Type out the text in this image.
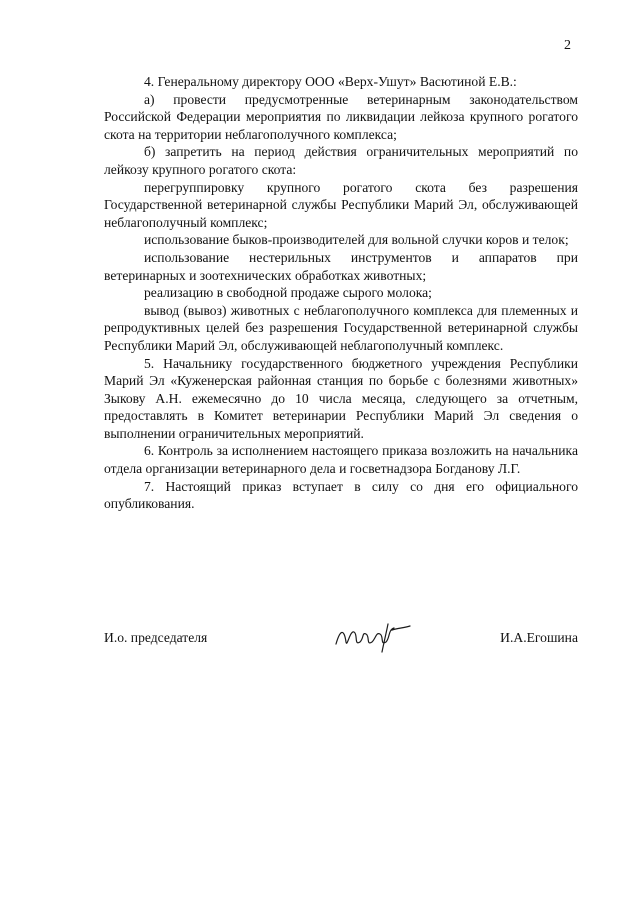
2

4. Генеральному директору ООО «Верх-Ушут» Васютиной Е.В.:

а) провести предусмотренные ветеринарным законодательством Российской Федерации мероприятия по ликвидации лейкоза крупного рогатого скота на территории неблагополучного комплекса;

б) запретить на период действия ограничительных мероприятий по лейкозу крупного рогатого скота:

перегруппировку крупного рогатого скота без разрешения Государственной ветеринарной службы Республики Марий Эл, обслуживающей неблагополучный комплекс;

использование быков-производителей для вольной случки коров и телок;

использование нестерильных инструментов и аппаратов при ветеринарных и зоотехнических обработках животных;

реализацию в свободной продаже сырого молока;

вывод (вывоз) животных с неблагополучного комплекса для племенных и репродуктивных целей без разрешения Государственной ветеринарной службы Республики Марий Эл, обслуживающей неблагополучный комплекс.

5. Начальнику государственного бюджетного учреждения Республики Марий Эл «Куженерская районная станция по борьбе с болезнями животных» Зыкову А.Н. ежемесячно до 10 числа месяца, следующего за отчетным, предоставлять в Комитет ветеринарии Республики Марий Эл сведения о выполнении ограничительных мероприятий.

6. Контроль за исполнением настоящего приказа возложить на начальника отдела организации ветеринарного дела и госветнадзора Богданову Л.Г.

7. Настоящий приказ вступает в силу со дня его официального опубликования.

И.о. председателя	И.А.Егошина
